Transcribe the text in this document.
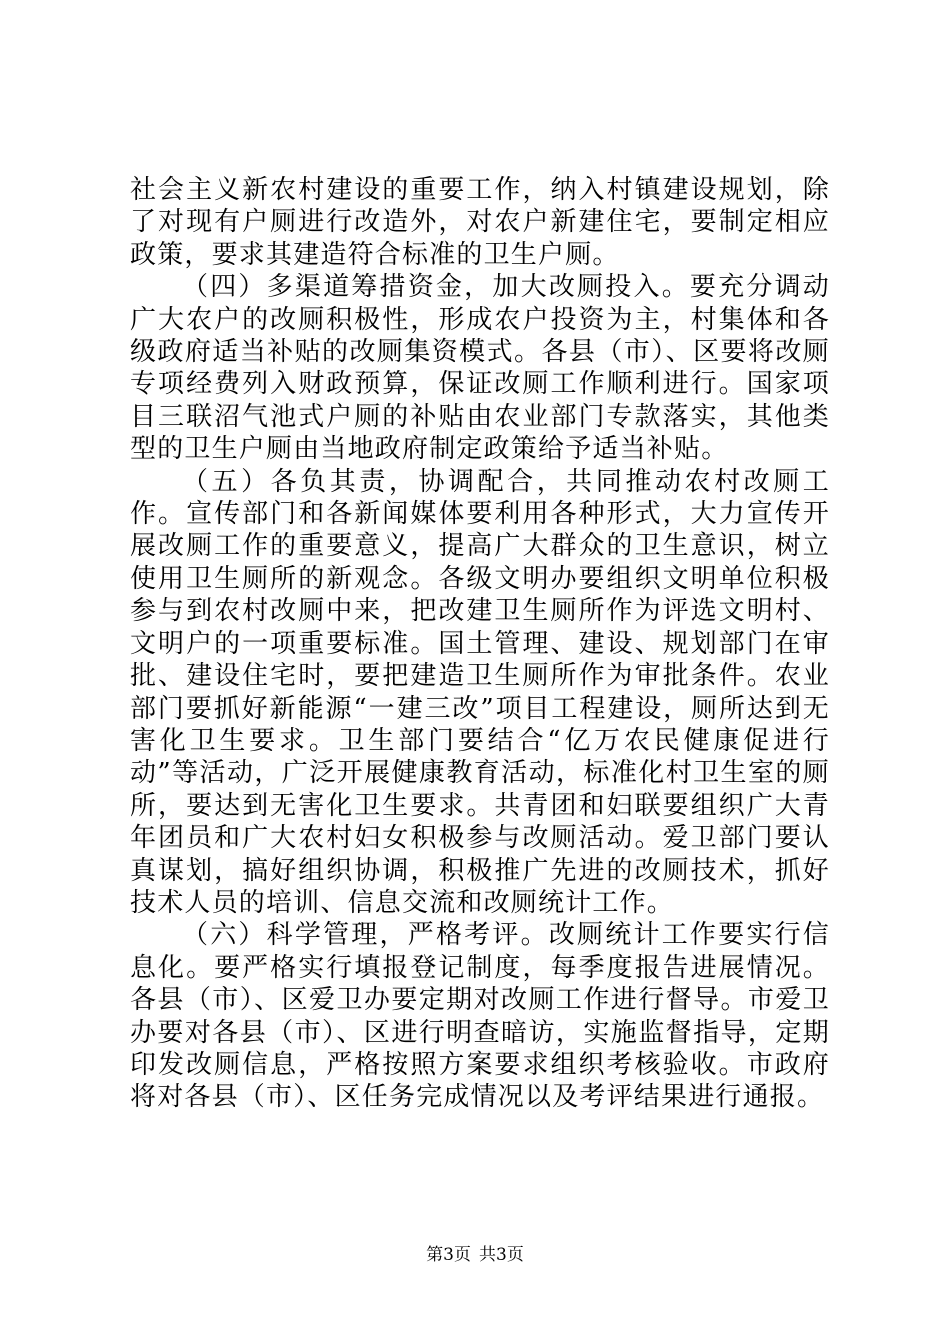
社会主义新农村建设的重要工作，纳入村镇建设规划，除了对现有户厕进行改造外，对农户新建住宅，要制定相应政策，要求其建造符合标准的卫生户厕。

（四）多渠道筹措资金，加大改厕投入。要充分调动广大农户的改厕积极性，形成农户投资为主，村集体和各级政府适当补贴的改厕集资模式。各县（市）、区要将改厕专项经费列入财政预算，保证改厕工作顺利进行。国家项目三联沼气池式户厕的补贴由农业部门专款落实，其他类型的卫生户厕由当地政府制定政策给予适当补贴。

（五）各负其责，协调配合，共同推动农村改厕工作。宣传部门和各新闻媒体要利用各种形式，大力宣传开展改厕工作的重要意义，提高广大群众的卫生意识，树立使用卫生厕所的新观念。各级文明办要组织文明单位积极参与到农村改厕中来，把改建卫生厕所作为评选文明村、文明户的一项重要标准。国土管理、建设、规划部门在审批、建设住宅时，要把建造卫生厕所作为审批条件。农业部门要抓好新能源“一建三改”项目工程建设，厕所达到无害化卫生要求。卫生部门要结合“亿万农民健康促进行动”等活动，广泛开展健康教育活动，标准化村卫生室的厕所，要达到无害化卫生要求。共青团和妇联要组织广大青年团员和广大农村妇女积极参与改厕活动。爱卫部门要认真谋划，搞好组织协调，积极推广先进的改厕技术，抓好技术人员的培训、信息交流和改厕统计工作。

（六）科学管理，严格考评。改厕统计工作要实行信息化。要严格实行填报登记制度，每季度报告进展情况。各县（市）、区爱卫办要定期对改厕工作进行督导。市爱卫办要对各县（市）、区进行明查暗访，实施监督指导，定期印发改厕信息，严格按照方案要求组织考核验收。市政府将对各县（市）、区任务完成情况以及考评结果进行通报。

第3页 共3页
